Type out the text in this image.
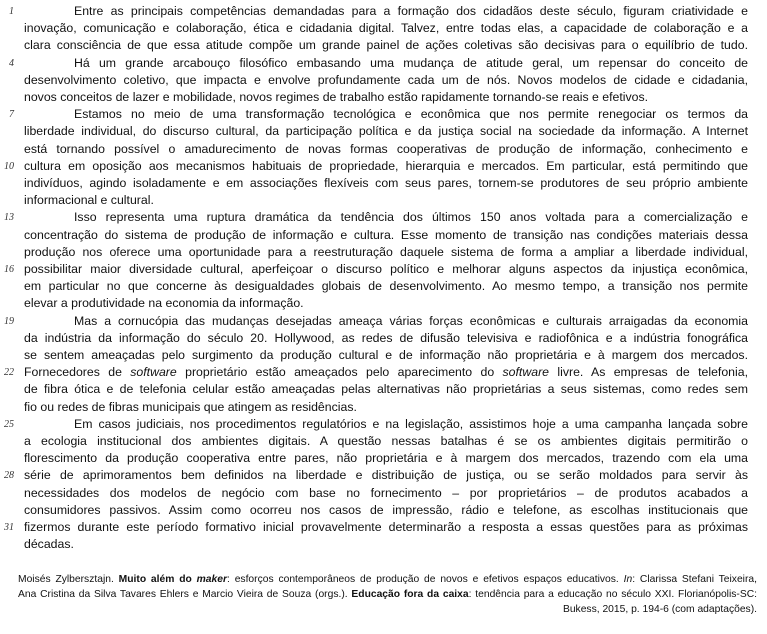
1	Entre as principais competências demandadas para a formação dos cidadãos deste século, figuram criatividade e
inovação, comunicação e colaboração, ética e cidadania digital. Talvez, entre todas elas, a capacidade de colaboração e a
clara consciência de que essa atitude compõe um grande painel de ações coletivas são decisivas para o equilíbrio de tudo.
4	Há um grande arcabouço filosófico embasando uma mudança de atitude geral, um repensar do conceito de
desenvolvimento coletivo, que impacta e envolve profundamente cada um de nós. Novos modelos de cidade e cidadania,
novos conceitos de lazer e mobilidade, novos regimes de trabalho estão rapidamente tornando-se reais e efetivos.
7	Estamos no meio de uma transformação tecnológica e econômica que nos permite renegociar os termos da
liberdade individual, do discurso cultural, da participação política e da justiça social na sociedade da informação. A Internet
está tornando possível o amadurecimento de novas formas cooperativas de produção de informação, conhecimento e
10 cultura em oposição aos mecanismos habituais de propriedade, hierarquia e mercados. Em particular, está permitindo que
indivíduos, agindo isoladamente e em associações flexíveis com seus pares, tornem-se produtores de seu próprio ambiente
informacional e cultural.
13	Isso representa uma ruptura dramática da tendência dos últimos 150 anos voltada para a comercialização e
concentração do sistema de produção de informação e cultura. Esse momento de transição nas condições materiais dessa
produção nos oferece uma oportunidade para a reestruturação daquele sistema de forma a ampliar a liberdade individual,
16 possibilitar maior diversidade cultural, aperfeiçoar o discurso político e melhorar alguns aspectos da injustiça econômica,
em particular no que concerne às desigualdades globais de desenvolvimento. Ao mesmo tempo, a transição nos permite
elevar a produtividade na economia da informação.
19	Mas a cornucópia das mudanças desejadas ameaça várias forças econômicas e culturais arraigadas da economia
da indústria da informação do século 20. Hollywood, as redes de difusão televisiva e radiofônica e a indústria fonográfica
se sentem ameaçadas pelo surgimento da produção cultural e de informação não proprietária e à margem dos mercados.
22 Fornecedores de software proprietário estão ameaçados pelo aparecimento do software livre. As empresas de telefonia,
de fibra ótica e de telefonia celular estão ameaçadas pelas alternativas não proprietárias a seus sistemas, como redes sem
fio ou redes de fibras municipais que atingem as residências.
25	Em casos judiciais, nos procedimentos regulatórios e na legislação, assistimos hoje a uma campanha lançada sobre
a ecologia institucional dos ambientes digitais. A questão nessas batalhas é se os ambientes digitais permitirão o
florescimento da produção cooperativa entre pares, não proprietária e à margem dos mercados, trazendo com ela uma
28 série de aprimoramentos bem definidos na liberdade e distribuição de justiça, ou se serão moldados para servir às
necessidades dos modelos de negócio com base no fornecimento – por proprietários – de produtos acabados a
consumidores passivos. Assim como ocorreu nos casos de impressão, rádio e telefone, as escolhas institucionais que
31 fizermos durante este período formativo inicial provavelmente determinarão a resposta a essas questões para as próximas
décadas.
Moisés Zylbersztajn. Muito além do maker: esforços contemporâneos de produção de novos e efetivos espaços educativos. In: Clarissa Stefani Teixeira,
Ana Cristina da Silva Tavares Ehlers e Marcio Vieira de Souza (orgs.). Educação fora da caixa: tendência para a educação no século XXI. Florianópolis-SC:
Bukess, 2015, p. 194-6 (com adaptações).
